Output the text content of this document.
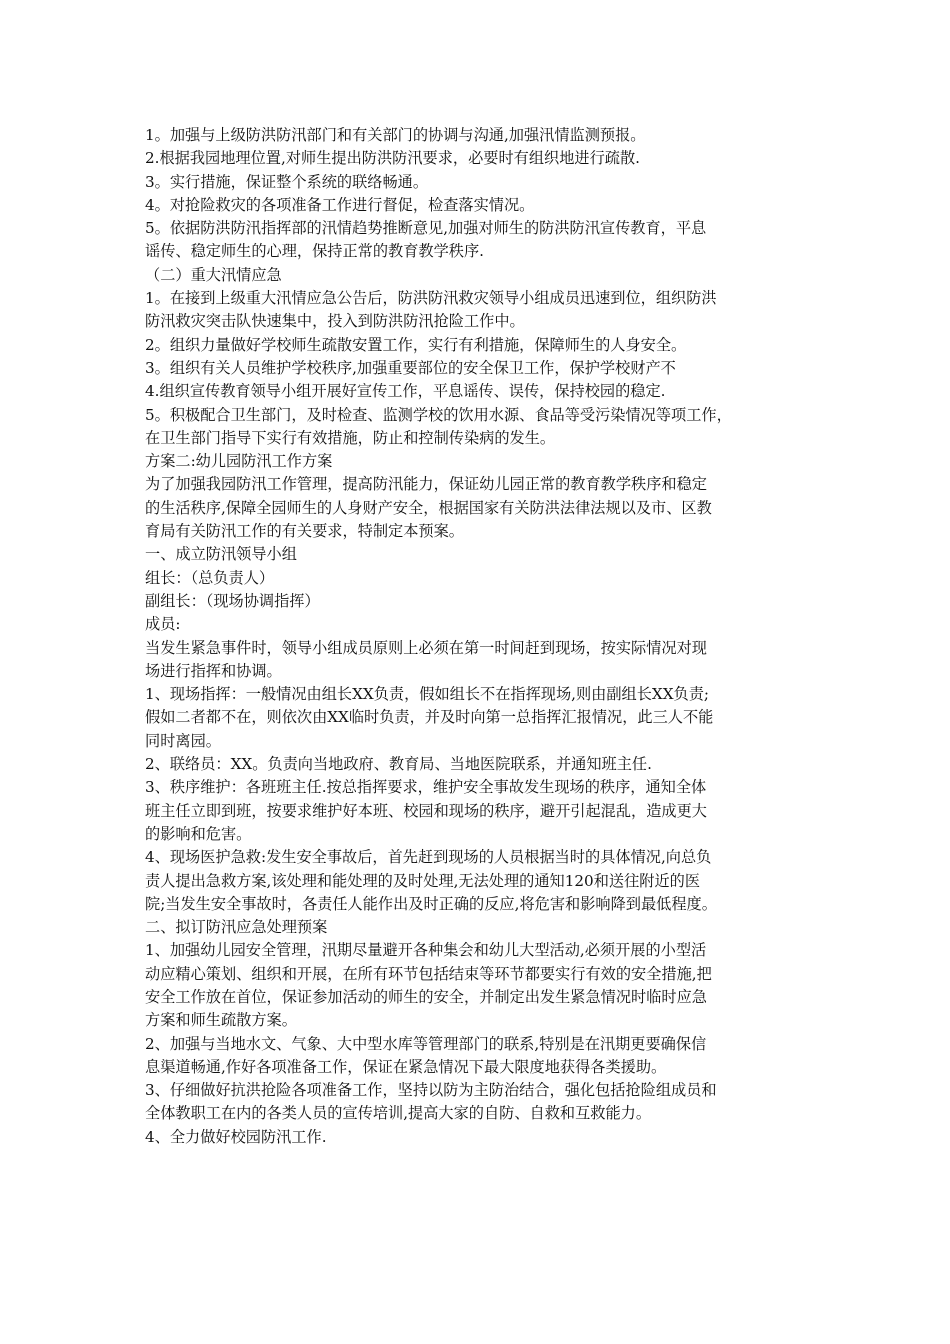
1。加强与上级防洪防汛部门和有关部门的协调与沟通,加强汛情监测预报。
2.根据我园地理位置,对师生提出防洪防汛要求，必要时有组织地进行疏散.
3。实行措施，保证整个系统的联络畅通。
4。对抢险救灾的各项准备工作进行督促，检查落实情况。
5。依据防洪防汛指挥部的汛情趋势推断意见,加强对师生的防洪防汛宣传教育，平息
谣传、稳定师生的心理，保持正常的教育教学秩序.
（二）重大汛情应急
1。在接到上级重大汛情应急公告后，防洪防汛救灾领导小组成员迅速到位，组织防洪
防汛救灾突击队快速集中，投入到防洪防汛抢险工作中。
2。组织力量做好学校师生疏散安置工作，实行有利措施，保障师生的人身安全。
3。组织有关人员维护学校秩序,加强重要部位的安全保卫工作，保护学校财产不
4.组织宣传教育领导小组开展好宣传工作，平息谣传、误传，保持校园的稳定.
5。积极配合卫生部门，及时检查、监测学校的饮用水源、食品等受污染情况等项工作，
在卫生部门指导下实行有效措施，防止和控制传染病的发生。
方案二:幼儿园防汛工作方案
为了加强我园防汛工作管理，提高防汛能力，保证幼儿园正常的教育教学秩序和稳定
的生活秩序,保障全园师生的人身财产安全，根据国家有关防洪法律法规以及市、区教
育局有关防汛工作的有关要求，特制定本预案。
一、成立防汛领导小组
组长：（总负责人）
副组长：（现场协调指挥）
成员:
当发生紧急事件时，领导小组成员原则上必须在第一时间赶到现场，按实际情况对现
场进行指挥和协调。
1、现场指挥：一般情况由组长XX负责，假如组长不在指挥现场,则由副组长XX负责;
假如二者都不在，则依次由XX临时负责，并及时向第一总指挥汇报情况，此三人不能
同时离园。
2、联络员：XX。负责向当地政府、教育局、当地医院联系，并通知班主任.
3、秩序维护：各班班主任.按总指挥要求，维护安全事故发生现场的秩序，通知全体
班主任立即到班，按要求维护好本班、校园和现场的秩序，避开引起混乱，造成更大
的影响和危害。
4、现场医护急救:发生安全事故后，首先赶到现场的人员根据当时的具体情况,向总负
责人提出急救方案,该处理和能处理的及时处理,无法处理的通知120和送往附近的医
院;当发生安全事故时，各责任人能作出及时正确的反应,将危害和影响降到最低程度。
二、拟订防汛应急处理预案
1、加强幼儿园安全管理，汛期尽量避开各种集会和幼儿大型活动,必须开展的小型活
动应精心策划、组织和开展，在所有环节包括结束等环节都要实行有效的安全措施,把
安全工作放在首位，保证参加活动的师生的安全，并制定出发生紧急情况时临时应急
方案和师生疏散方案。
2、加强与当地水文、气象、大中型水库等管理部门的联系,特别是在汛期更要确保信
息渠道畅通,作好各项准备工作，保证在紧急情况下最大限度地获得各类援助。
3、仔细做好抗洪抢险各项准备工作，坚持以防为主防治结合，强化包括抢险组成员和
全体教职工在内的各类人员的宣传培训,提高大家的自防、自救和互救能力。
4、全力做好校园防汛工作.
